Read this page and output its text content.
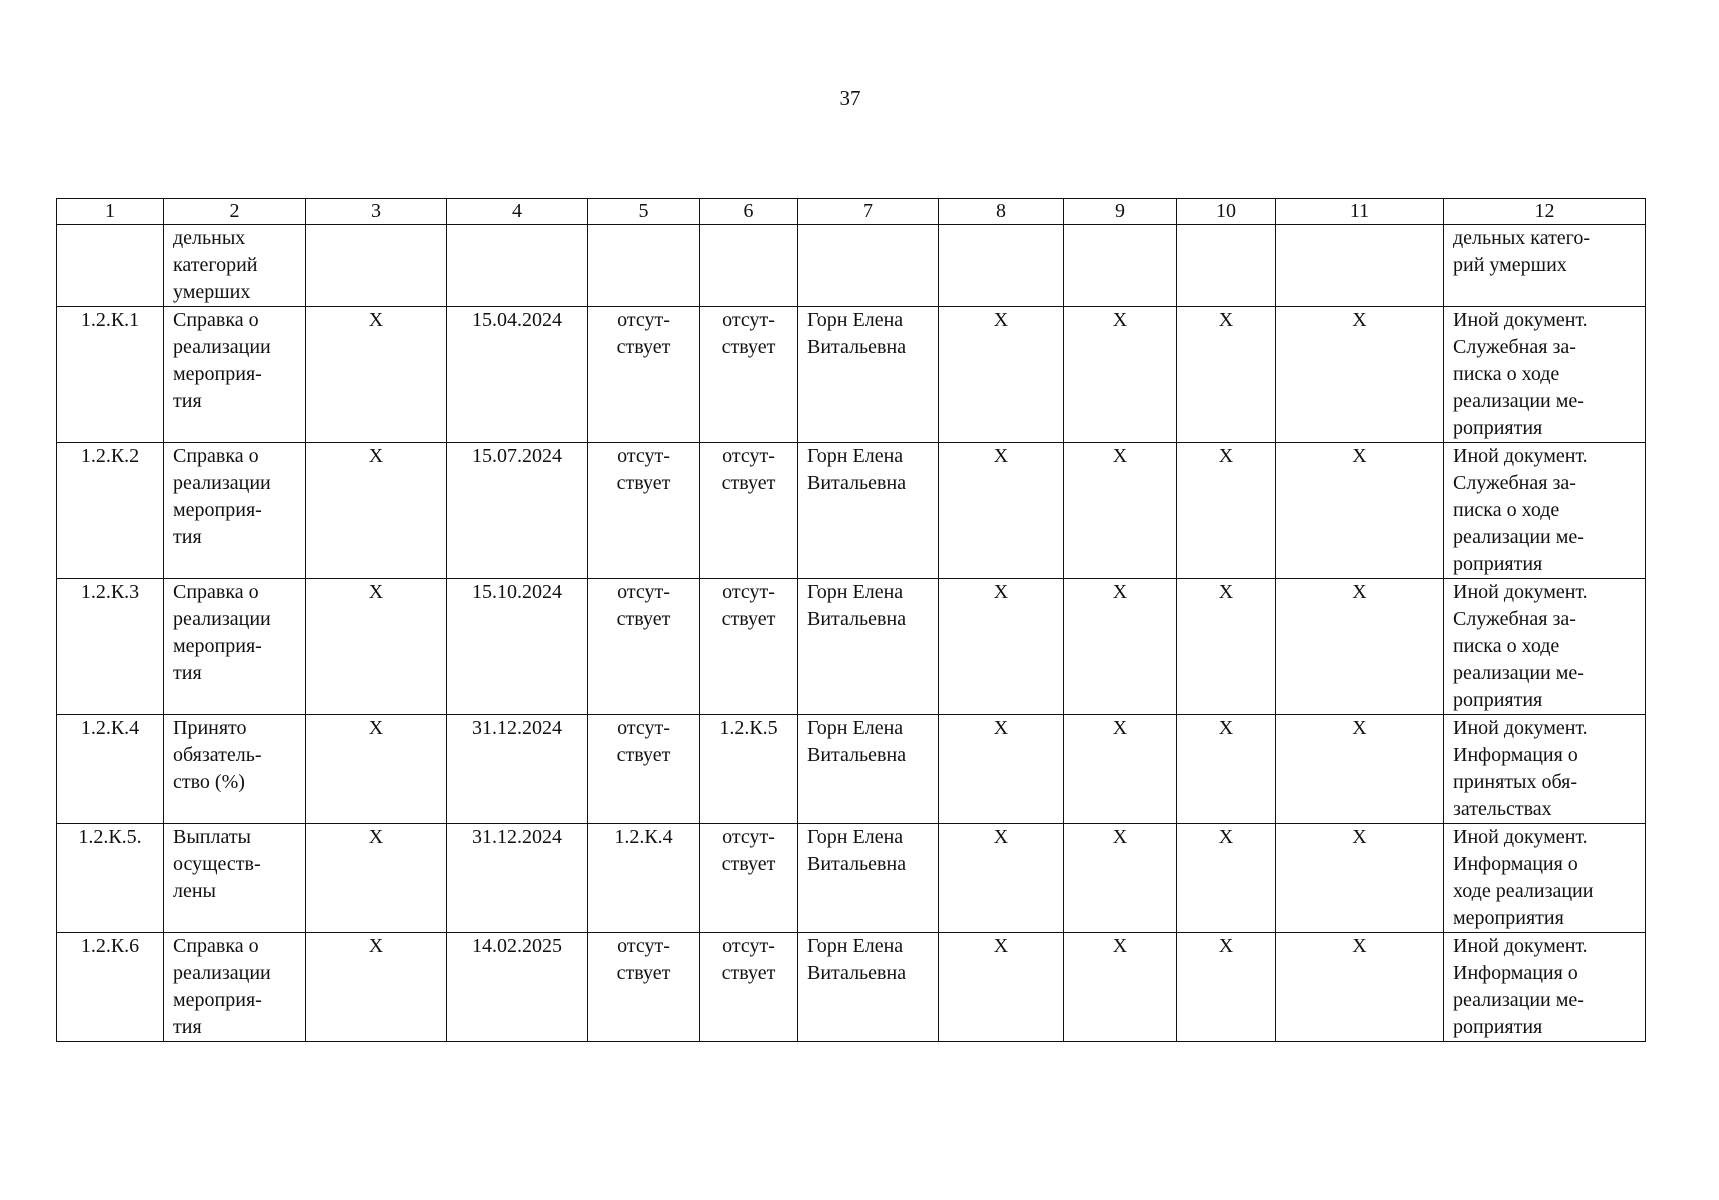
37
1	2	3	4	5	6	7	8	9	10	11	12
	дельных
категорий
умерших										дельных катего-
рий умерших
1.2.К.1	Справка о
реализации
мероприя-
тия	X	15.04.2024	отсут-
ствует	отсут-
ствует	Горн Елена
Витальевна	X	X	X	X	Иной документ.
Служебная за-
писка о ходе
реализации ме-
роприятия
1.2.К.2	Справка о
реализации
мероприя-
тия	X	15.07.2024	отсут-
ствует	отсут-
ствует	Горн Елена
Витальевна	X	X	X	X	Иной документ.
Служебная за-
писка о ходе
реализации ме-
роприятия
1.2.К.3	Справка о
реализации
мероприя-
тия	X	15.10.2024	отсут-
ствует	отсут-
ствует	Горн Елена
Витальевна	X	X	X	X	Иной документ.
Служебная за-
писка о ходе
реализации ме-
роприятия
1.2.К.4	Принято
обязатель-
ство (%)	X	31.12.2024	отсут-
ствует	1.2.К.5	Горн Елена
Витальевна	X	X	X	X	Иной документ.
Информация о
принятых обя-
зательствах
1.2.К.5.	Выплаты
осуществ-
лены	X	31.12.2024	1.2.К.4	отсут-
ствует	Горн Елена
Витальевна	X	X	X	X	Иной документ.
Информация о
ходе реализации
мероприятия
1.2.К.6	Справка о
реализации
мероприя-
тия	X	14.02.2025	отсут-
ствует	отсут-
ствует	Горн Елена
Витальевна	X	X	X	X	Иной документ.
Информация о
реализации ме-
роприятия
